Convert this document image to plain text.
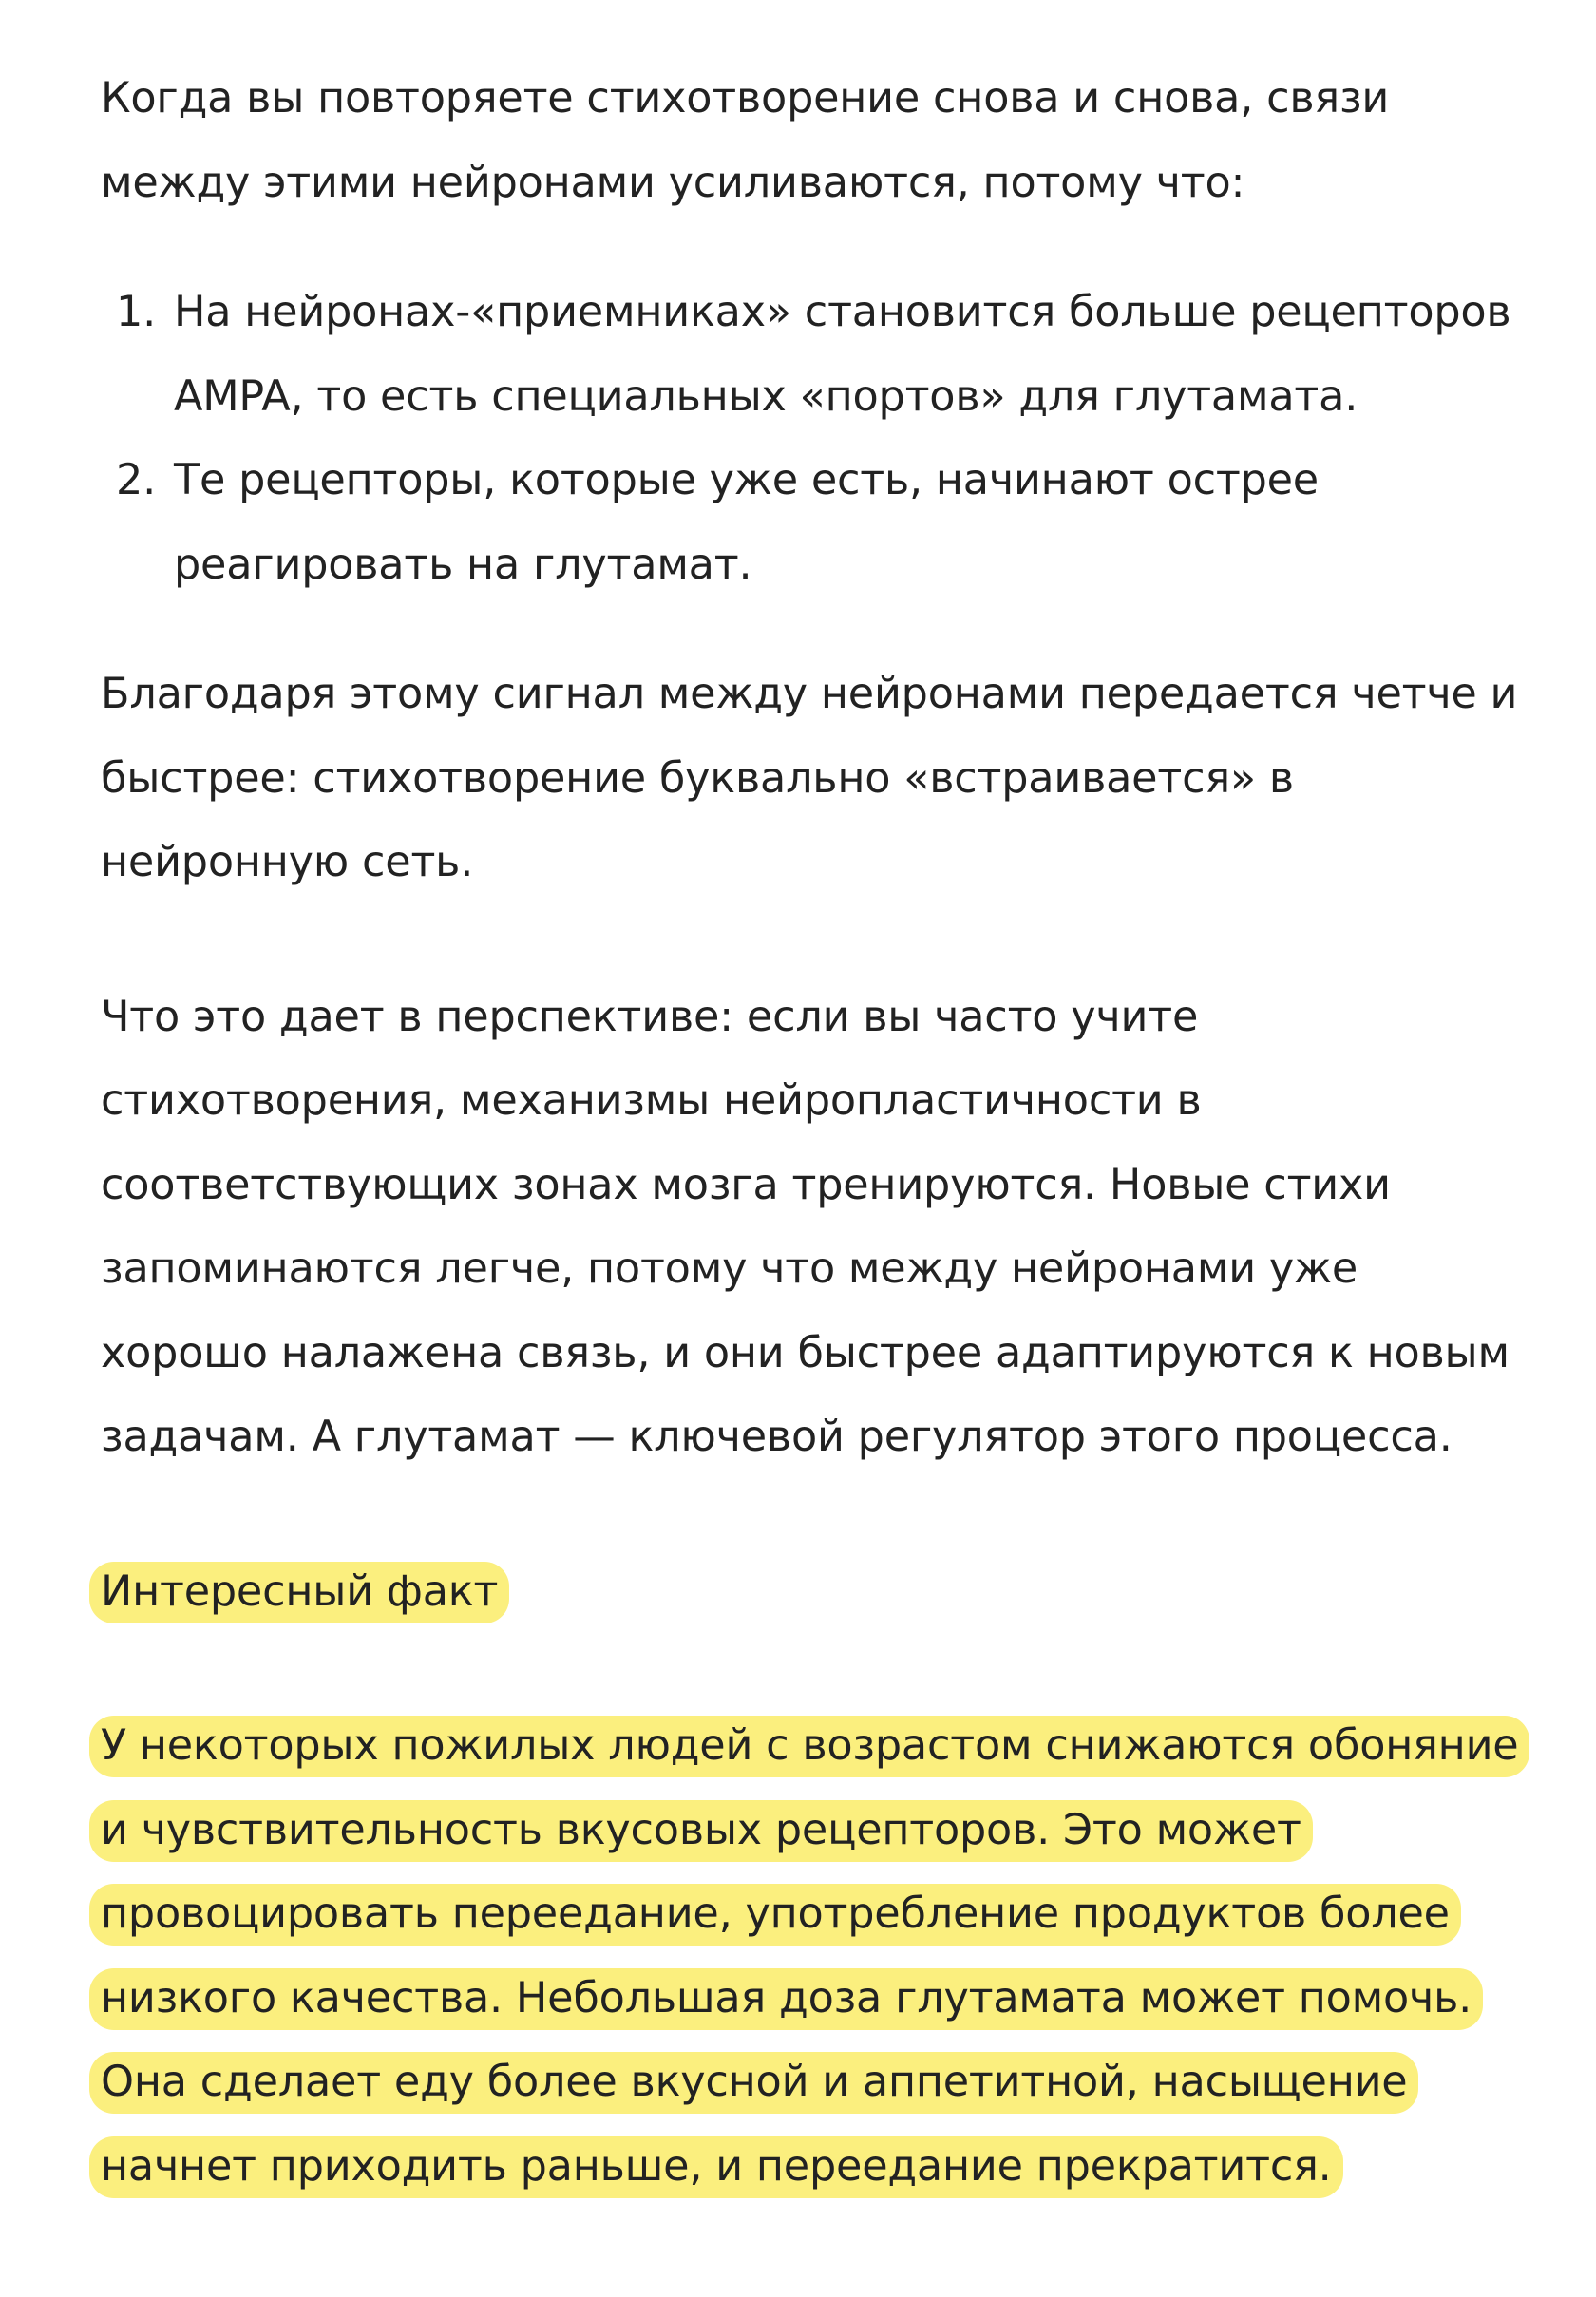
Когда вы повторяете стихотворение снова и снова, связи
между этими нейронами усиливаются, потому что:
1. На нейронах-«приемниках» становится больше рецепторов
AMPA, то есть специальных «портов» для глутамата.
2. Те рецепторы, которые уже есть, начинают острее
реагировать на глутамат.
Благодаря этому сигнал между нейронами передается четче и
быстрее: стихотворение буквально «встраивается» в
нейронную сеть.
Что это дает в перспективе: если вы часто учите
стихотворения, механизмы нейропластичности в
соответствующих зонах мозга тренируются. Новые стихи
запоминаются легче, потому что между нейронами уже
хорошо налажена связь, и они быстрее адаптируются к новым
задачам. А глутамат — ключевой регулятор этого процесса.
Интересный факт
У некоторых пожилых людей с возрастом снижаются обоняние
и чувствительность вкусовых рецепторов. Это может
провоцировать переедание, употребление продуктов более
низкого качества. Небольшая доза глутамата может помочь.
Она сделает еду более вкусной и аппетитной, насыщение
начнет приходить раньше, и переедание прекратится.
